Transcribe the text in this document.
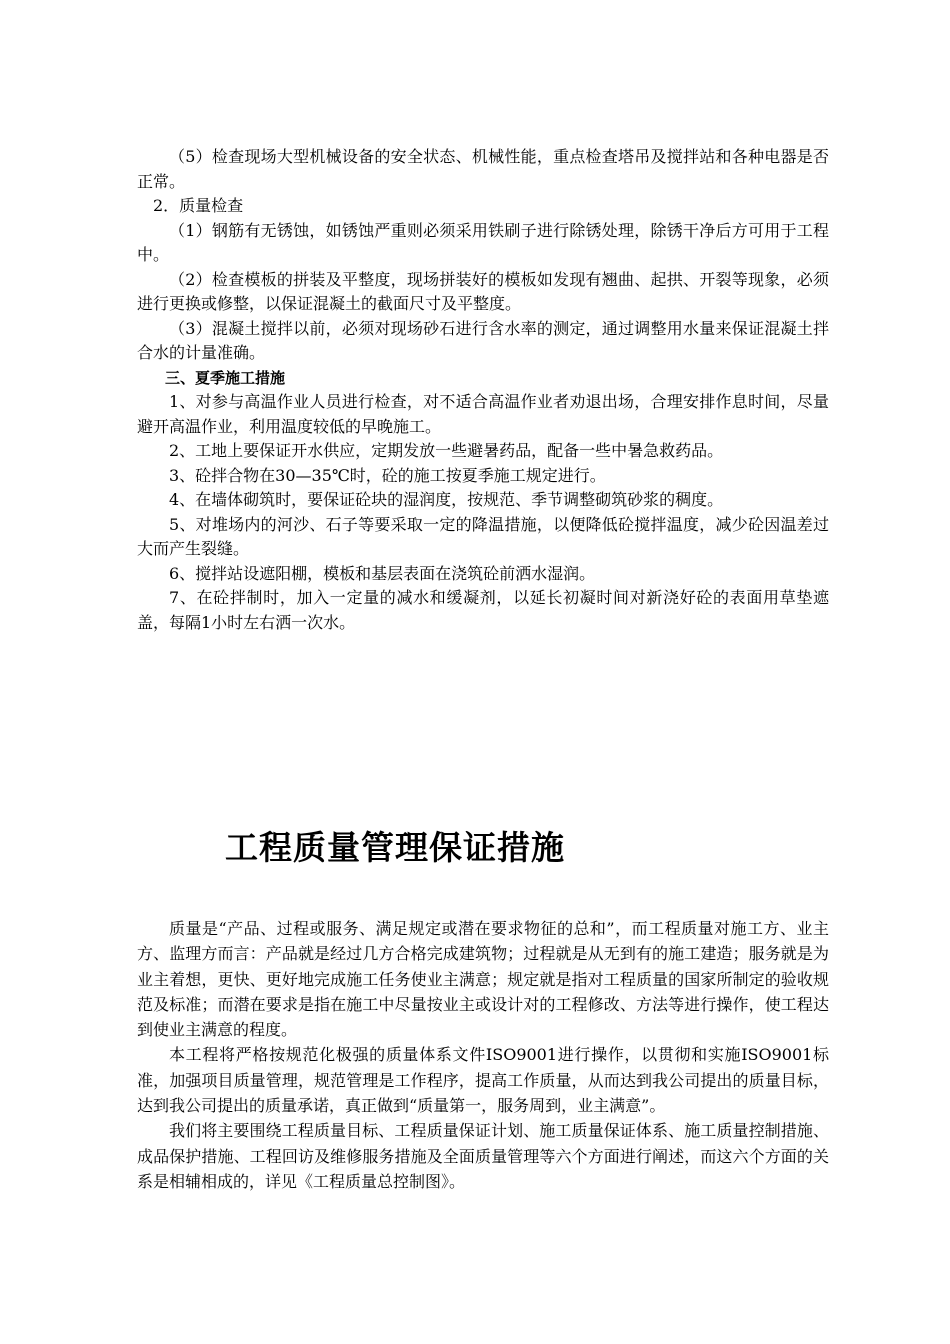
（5）检查现场大型机械设备的安全状态、机械性能，重点检查塔吊及搅拌站和各种电器是否正常。

2．质量检查

（1）钢筋有无锈蚀，如锈蚀严重则必须采用铁刷子进行除锈处理，除锈干净后方可用于工程中。

（2）检查模板的拼装及平整度，现场拼装好的模板如发现有翘曲、起拱、开裂等现象，必须进行更换或修整，以保证混凝土的截面尺寸及平整度。

（3）混凝土搅拌以前，必须对现场砂石进行含水率的测定，通过调整用水量来保证混凝土拌合水的计量准确。

三、夏季施工措施

1、对参与高温作业人员进行检查，对不适合高温作业者劝退出场，合理安排作息时间，尽量避开高温作业，利用温度较低的早晚施工。

2、工地上要保证开水供应，定期发放一些避暑药品，配备一些中暑急救药品。

3、砼拌合物在30—35℃时，砼的施工按夏季施工规定进行。

4、在墙体砌筑时，要保证砼块的湿润度，按规范、季节调整砌筑砂浆的稠度。

5、对堆场内的河沙、石子等要采取一定的降温措施，以便降低砼搅拌温度，减少砼因温差过大而产生裂缝。

6、搅拌站设遮阳棚，模板和基层表面在浇筑砼前洒水湿润。

7、在砼拌制时，加入一定量的减水和缓凝剂，以延长初凝时间对新浇好砼的表面用草垫遮盖，每隔1小时左右洒一次水。

工程质量管理保证措施

质量是“产品、过程或服务、满足规定或潜在要求物征的总和”，而工程质量对施工方、业主方、监理方而言：产品就是经过几方合格完成建筑物；过程就是从无到有的施工建造；服务就是为业主着想，更快、更好地完成施工任务使业主满意；规定就是指对工程质量的国家所制定的验收规范及标准；而潜在要求是指在施工中尽量按业主或设计对的工程修改、方法等进行操作，使工程达到使业主满意的程度。

本工程将严格按规范化极强的质量体系文件ISO9001进行操作，以贯彻和实施ISO9001标准，加强项目质量管理，规范管理是工作程序，提高工作质量，从而达到我公司提出的质量目标，达到我公司提出的质量承诺，真正做到“质量第一，服务周到，业主满意”。

我们将主要围绕工程质量目标、工程质量保证计划、施工质量保证体系、施工质量控制措施、成品保护措施、工程回访及维修服务措施及全面质量管理等六个方面进行阐述，而这六个方面的关系是相辅相成的，详见《工程质量总控制图》。
